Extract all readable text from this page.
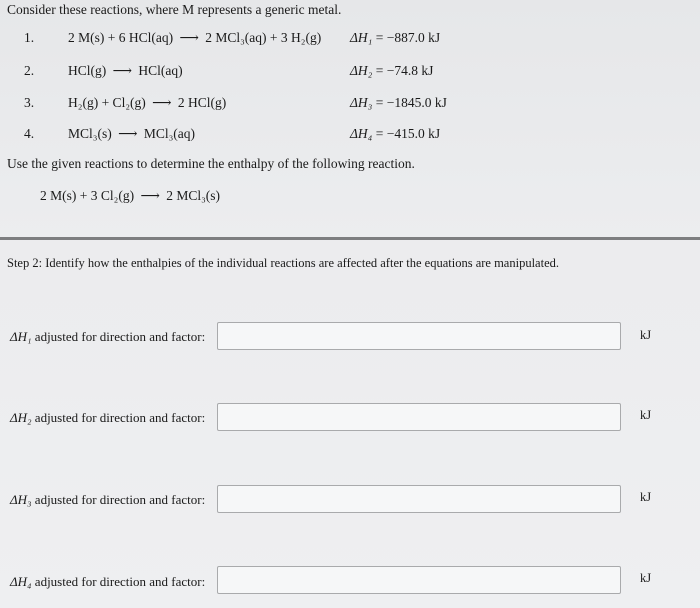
Consider these reactions, where M represents a generic metal.
1.	2 M(s) + 6 HCl(aq) ⟶ 2 MCl₃(aq) + 3 H₂(g) ΔH₁ = −887.0 kJ
2.	HCl(g) ⟶ HCl(aq)	ΔH₂ = −74.8 kJ
3.	H₂(g) + Cl₂(g) ⟶ 2 HCl(g)	ΔH₃ = −1845.0 kJ
4.	MCl₃(s) ⟶ MCl₃(aq)	ΔH₄ = −415.0 kJ
Use the given reactions to determine the enthalpy of the following reaction.
2 M(s) + 3 Cl₂(g) ⟶ 2 MCl₃(s)
Step 2: Identify how the enthalpies of the individual reactions are affected after the equations are manipulated.
ΔH₁ adjusted for direction and factor:	kJ
ΔH₂ adjusted for direction and factor:	kJ
ΔH₃ adjusted for direction and factor:	kJ
ΔH₄ adjusted for direction and factor:	kJ
